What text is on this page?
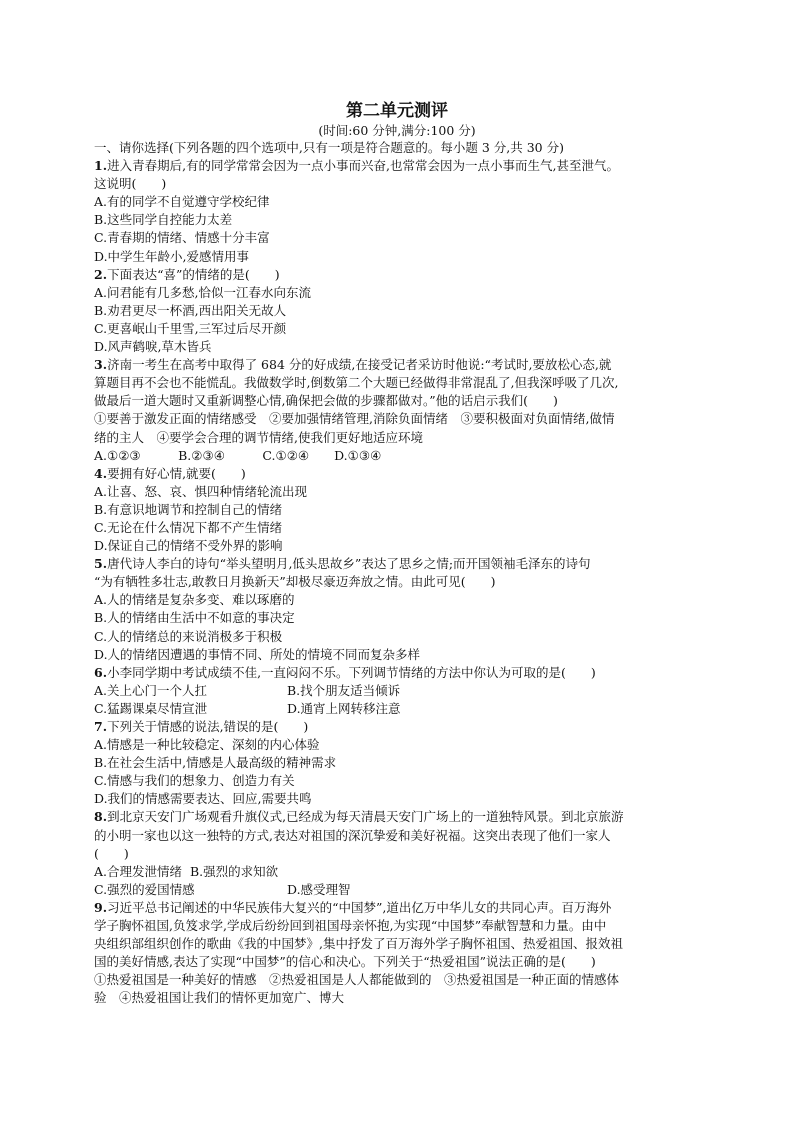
第二单元测评
(时间:60 分钟,满分:100 分)
一、请你选择(下列各题的四个选项中,只有一项是符合题意的。每小题 3 分,共 30 分)
1.进入青春期后,有的同学常常会因为一点小事而兴奋,也常常会因为一点小事而生气,甚至泄气。
这说明(　　)
A.有的同学不自觉遵守学校纪律
B.这些同学自控能力太差
C.青春期的情绪、情感十分丰富
D.中学生年龄小,爱感情用事
2.下面表达“喜”的情绪的是(　　)
A.问君能有几多愁,恰似一江春水向东流
B.劝君更尽一杯酒,西出阳关无故人
C.更喜岷山千里雪,三军过后尽开颜
D.风声鹤唳,草木皆兵
3.济南一考生在高考中取得了 684 分的好成绩,在接受记者采访时他说:“考试时,要放松心态,就
算题目再不会也不能慌乱。我做数学时,倒数第二个大题已经做得非常混乱了,但我深呼吸了几次,
做最后一道大题时又重新调整心情,确保把会做的步骤都做对。”他的话启示我们(　　)
①要善于激发正面的情绪感受　②要加强情绪管理,消除负面情绪　③要积极面对负面情绪,做情
绪的主人　④要学会合理的调节情绪,使我们更好地适应环境
A.①②③　　　B.②③④　　　C.①②④　　D.①③④
4.要拥有好心情,就要(　　)
A.让喜、怒、哀、惧四种情绪轮流出现
B.有意识地调节和控制自己的情绪
C.无论在什么情况下都不产生情绪
D.保证自己的情绪不受外界的影响
5.唐代诗人李白的诗句“举头望明月,低头思故乡”表达了思乡之情;而开国领袖毛泽东的诗句
“为有牺牲多壮志,敢教日月换新天”却极尽豪迈奔放之情。由此可见(　　)
A.人的情绪是复杂多变、难以琢磨的
B.人的情绪由生活中不如意的事决定
C.人的情绪总的来说消极多于积极
D.人的情绪因遭遇的事情不同、所处的情境不同而复杂多样
6.小李同学期中考试成绩不佳,一直闷闷不乐。下列调节情绪的方法中你认为可取的是(　　)
A.关上心门一个人扛	B.找个朋友适当倾诉
C.猛踢课桌尽情宣泄	D.通宵上网转移注意
7.下列关于情感的说法,错误的是(　　)
A.情感是一种比较稳定、深刻的内心体验
B.在社会生活中,情感是人最高级的精神需求
C.情感与我们的想象力、创造力有关
D.我们的情感需要表达、回应,需要共鸣
8.到北京天安门广场观看升旗仪式,已经成为每天清晨天安门广场上的一道独特风景。到北京旅游
的小明一家也以这一独特的方式,表达对祖国的深沉挚爱和美好祝福。这突出表现了他们一家人
(　　)
A.合理发泄情绪 B.强烈的求知欲
C.强烈的爱国情感	D.感受理智
9.习近平总书记阐述的中华民族伟大复兴的“中国梦”,道出亿万中华儿女的共同心声。百万海外
学子胸怀祖国,负笈求学,学成后纷纷回到祖国母亲怀抱,为实现“中国梦”奉献智慧和力量。由中
央组织部组织创作的歌曲《我的中国梦》,集中抒发了百万海外学子胸怀祖国、热爱祖国、报效祖
国的美好情感,表达了实现“中国梦”的信心和决心。下列关于“热爱祖国”说法正确的是(　　)
①热爱祖国是一种美好的情感　②热爱祖国是人人都能做到的　③热爱祖国是一种正面的情感体
验　④热爱祖国让我们的情怀更加宽广、博大
